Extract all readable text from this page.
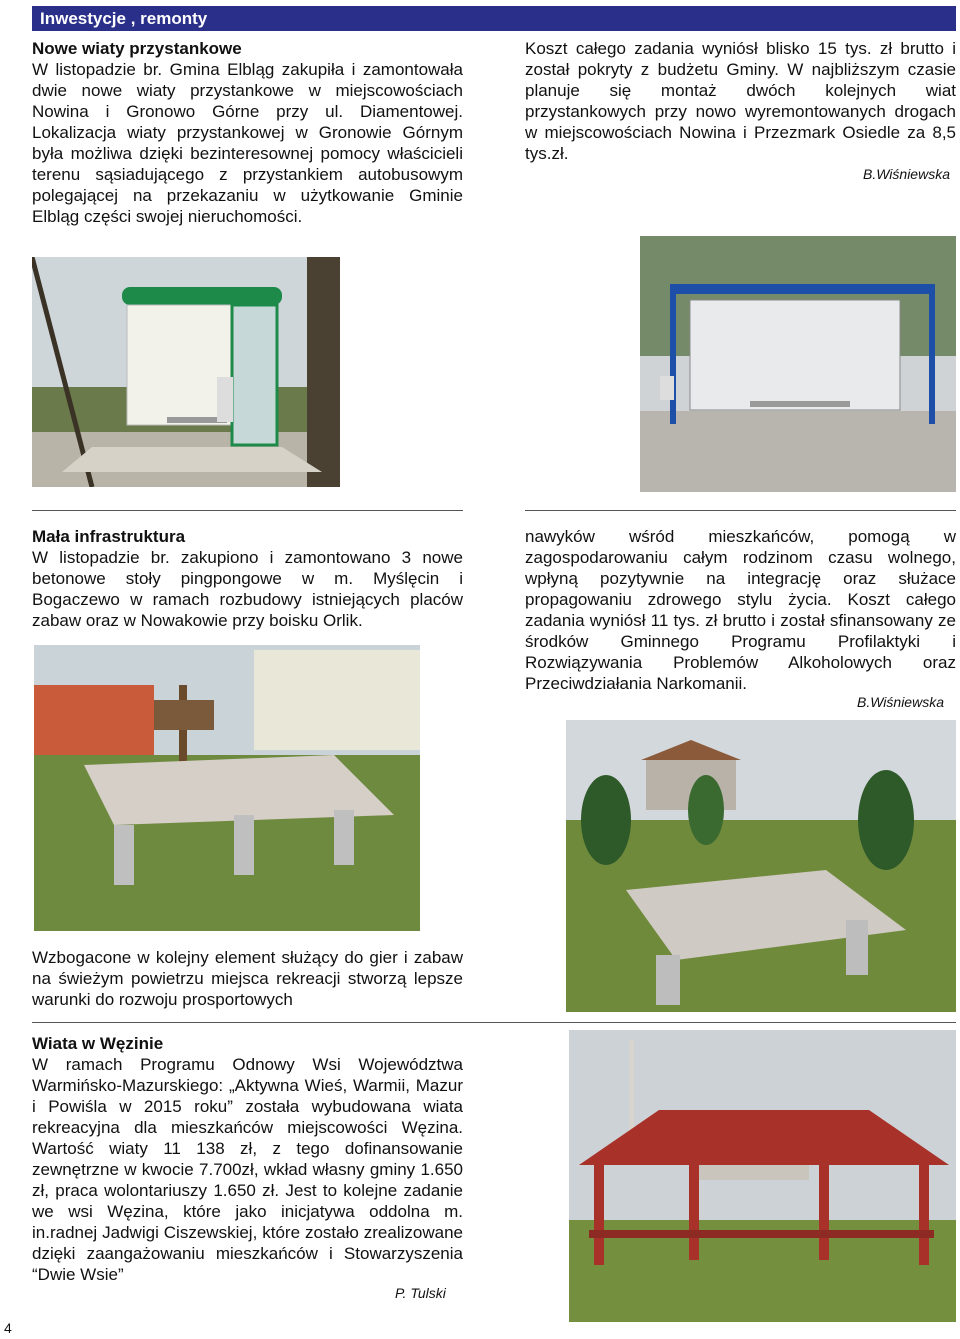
Inwestycje , remonty
Nowe wiaty przystankowe
W listopadzie br. Gmina Elbląg zakupiła i zamontowała dwie nowe wiaty przystankowe w miejscowościach Nowina i Gronowo Górne przy ul. Diamentowej. Lokalizacja wiaty przystankowej w Gronowie Górnym była możliwa dzięki bezinteresownej pomocy właścicieli terenu sąsiadującego z przystankiem autobusowym polegającej na przekazaniu w użytkowanie Gminie Elbląg części swojej nieruchomości.
Koszt całego zadania wyniósł blisko 15 tys. zł brutto i został pokryty z budżetu Gminy. W najbliższym czasie planuje się montaż dwóch kolejnych wiat przystankowych przy nowo wyremontowanych drogach w miejscowościach Nowina i Przezmark Osiedle za 8,5 tys.zł.
B.Wiśniewska
Mała infrastruktura
W listopadzie br. zakupiono i zamontowano 3 nowe betonowe stoły pingpongowe w m. Myślęcin i Bogaczewo w ramach rozbudowy istniejących placów zabaw oraz w Nowakowie przy boisku Orlik.
Wzbogacone w kolejny element służący do gier i zabaw na świeżym powietrzu miejsca rekreacji stworzą lepsze warunki do rozwoju prosportowych
nawyków wśród mieszkańców, pomogą w zagospodarowaniu całym rodzinom czasu wolnego, wpłyną pozytywnie na integrację oraz służace propagowaniu zdrowego stylu życia. Koszt całego zadania wyniósł 11 tys. zł brutto i został sfinansowany ze środków Gminnego Programu Profilaktyki i Rozwiązywania Problemów Alkoholowych oraz Przeciwdziałania Narkomanii.
B.Wiśniewska
Wiata w Węzinie
W ramach Programu Odnowy Wsi Województwa Warmińsko-Mazurskiego: „Aktywna Wieś, Warmii, Mazur i Powiśla w 2015 roku” została wybudowana wiata rekreacyjna dla mieszkańców miejscowości Węzina. Wartość wiaty 11 138 zł, z tego dofinansowanie zewnętrzne w kwocie 7.700zł, wkład własny gminy 1.650 zł, praca wolontariuszy 1.650 zł. Jest to kolejne zadanie we wsi Węzina, które jako inicjatywa oddolna m. in.radnej Jadwigi Ciszewskiej, które zostało zrealizowane dzięki zaangażowaniu mieszkańców i Stowarzyszenia “Dwie Wsie”
P. Tulski
4
